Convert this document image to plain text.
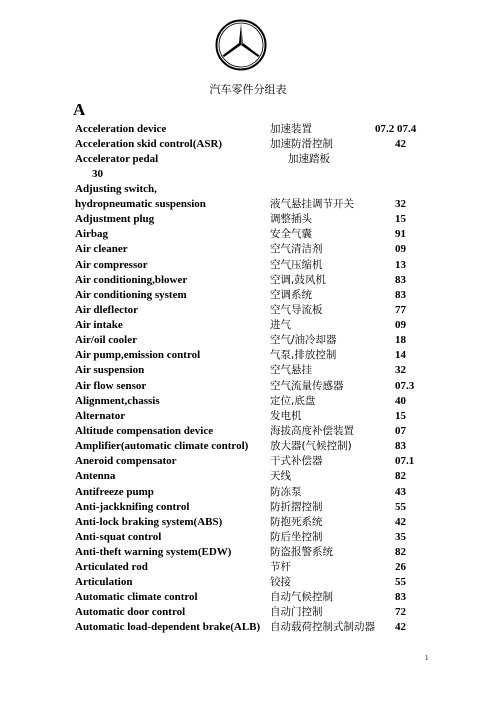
汽车零件分组表
A
Acceleration device	加速装置	07.2 07.4
Acceleration skid control(ASR)	加速防滑控制	42
Accelerator pedal	加速踏板
30
Adjusting switch,
hydropneumatic suspension	液气悬挂调节开关	32
Adjustment plug	调整插头	15
Airbag	安全气囊	91
Air cleaner	空气清洁剂	09
Air compressor	空气压缩机	13
Air conditioning,blower	空调,鼓风机	83
Air conditioning system	空调系统	83
Air dleflector	空气导流板	77
Air intake	进气	09
Air/oil cooler	空气/油冷却器	18
Air pump,emission control	气泵,排放控制	14
Air suspension	空气悬挂	32
Air flow sensor	空气流量传感器	07.3
Alignment,chassis	定位,底盘	40
Alternator	发电机	15
Altitude compensation device	海拔高度补偿装置	07
Amplifier(automatic climate control) 放大器(气候控制)	83
Aneroid compensator	干式补偿器	07.1
Antenna	天线	82
Antifreeze pump	防冻泵	43
Anti-jackknifing control	防折摺控制	55
Anti-lock braking system(ABS)	防抱死系统	42
Anti-squat control	防后坐控制	35
Anti-theft warning system(EDW)	防盗报警系统	82
Articulated rod	节杆	26
Articulation	铰接	55
Automatic climate control	自动气候控制	83
Automatic door control	自动门控制	72
Automatic load-dependent brake(ALB) 自动载荷控制式制动器 42
1
